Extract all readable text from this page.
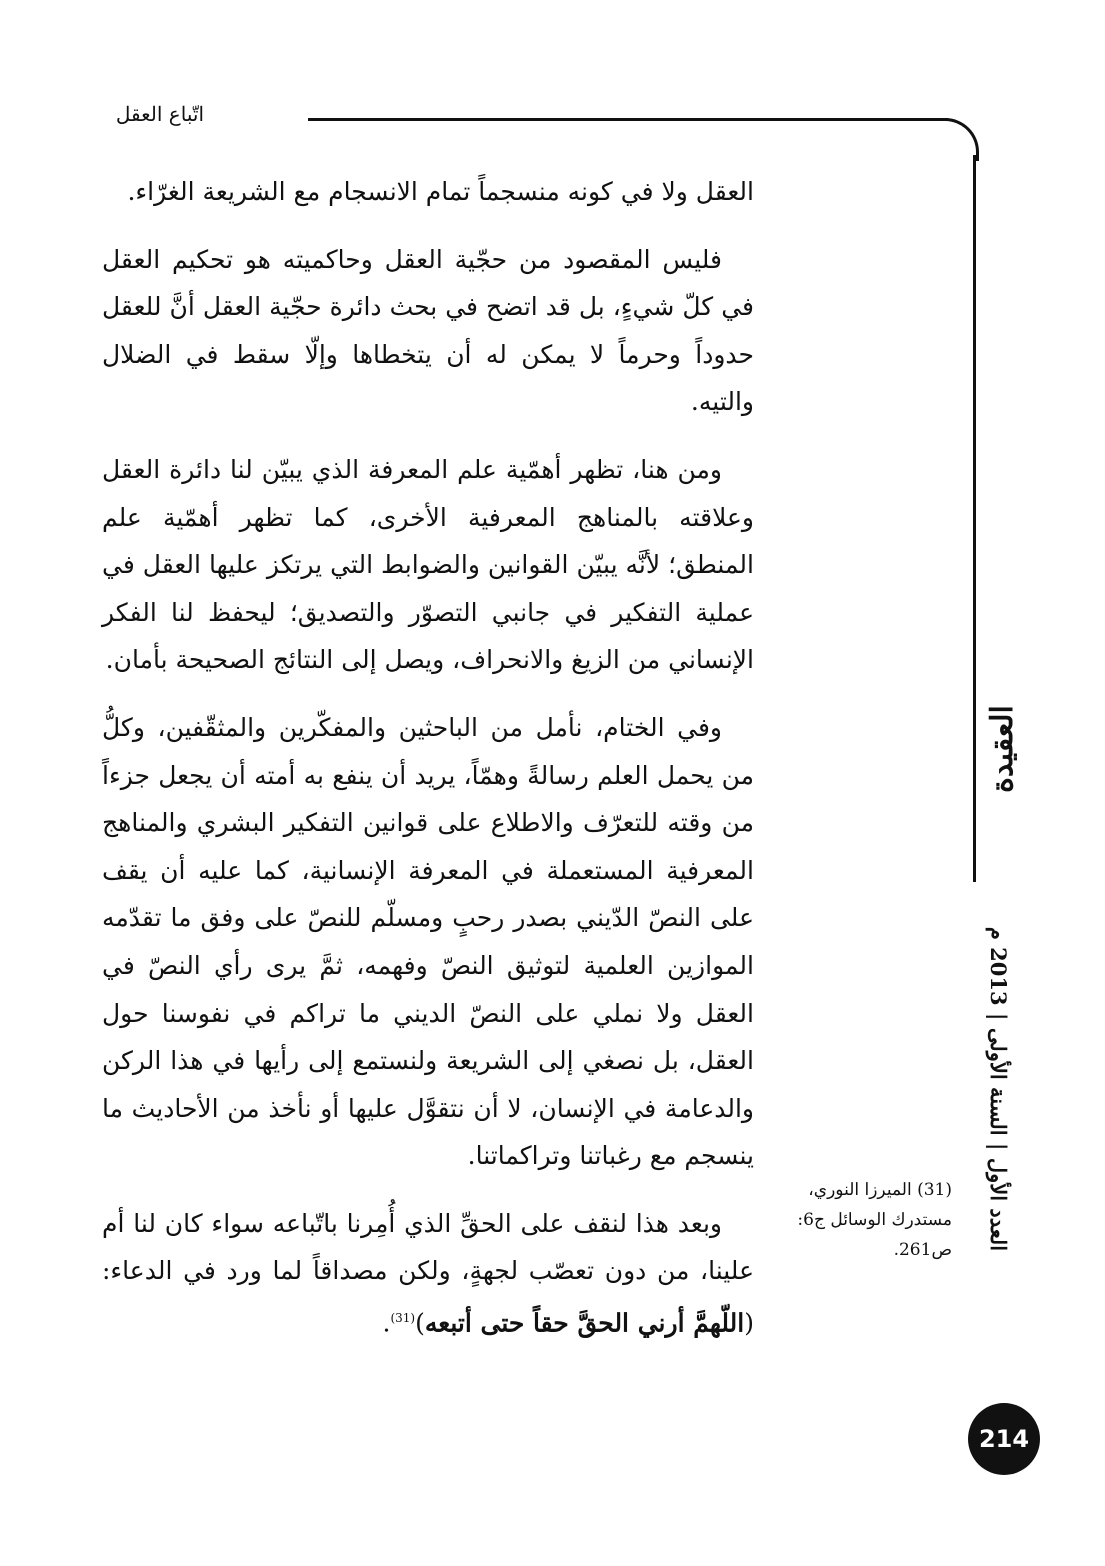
اتّباع العقل

العقل ولا في كونه منسجماً تمام الانسجام مع الشريعة الغرّاء.

فليس المقصود من حجّية العقل وحاكميته هو تحكيم العقل في كلّ شيءٍ، بل قد اتضح في بحث دائرة حجّية العقل أنَّ للعقل حدوداً وحرماً لا يمكن له أن يتخطاها وإلّا سقط في الضلال والتيه.

ومن هنا، تظهر أهمّية علم المعرفة الذي يبيّن لنا دائرة العقل وعلاقته بالمناهج المعرفية الأخرى، كما تظهر أهمّية علم المنطق؛ لأنَّه يبيّن القوانين والضوابط التي يرتكز عليها العقل في عملية التفكير في جانبي التصوّر والتصديق؛ ليحفظ لنا الفكر الإنساني من الزيغ والانحراف، ويصل إلى النتائج الصحيحة بأمان.

وفي الختام، نأمل من الباحثين والمفكّرين والمثقّفين، وكلُّ من يحمل العلم رسالةً وهمّاً، يريد أن ينفع به أمته أن يجعل جزءاً من وقته للتعرّف والاطلاع على قوانين التفكير البشري والمناهج المعرفية المستعملة في المعرفة الإنسانية، كما عليه أن يقف على النصّ الدّيني بصدر رحبٍ ومسلّم للنصّ على وفق ما تقدّمه الموازين العلمية لتوثيق النصّ وفهمه، ثمَّ يرى رأي النصّ في العقل ولا نملي على النصّ الديني ما تراكم في نفوسنا حول العقل، بل نصغي إلى الشريعة ولنستمع إلى رأيها في هذا الركن والدعامة في الإنسان، لا أن نتقوَّل عليها أو نأخذ من الأحاديث ما ينسجم مع رغباتنا وتراكماتنا.

وبعد هذا لنقف على الحقِّ الذي أُمِرنا باتّباعه سواء كان لنا أم علينا، من دون تعصّب لجهةٍ، ولكن مصداقاً لما ورد في الدعاء: (اللّهمَّ أرني الحقَّ حقاً حتى أتبعه)$^{(31)}$.

العقيدة
العدد الأول | السنة الأولى | 2013 م
(31) الميرزا النوري، مستدرك الوسائل ج6: ص261.
214
